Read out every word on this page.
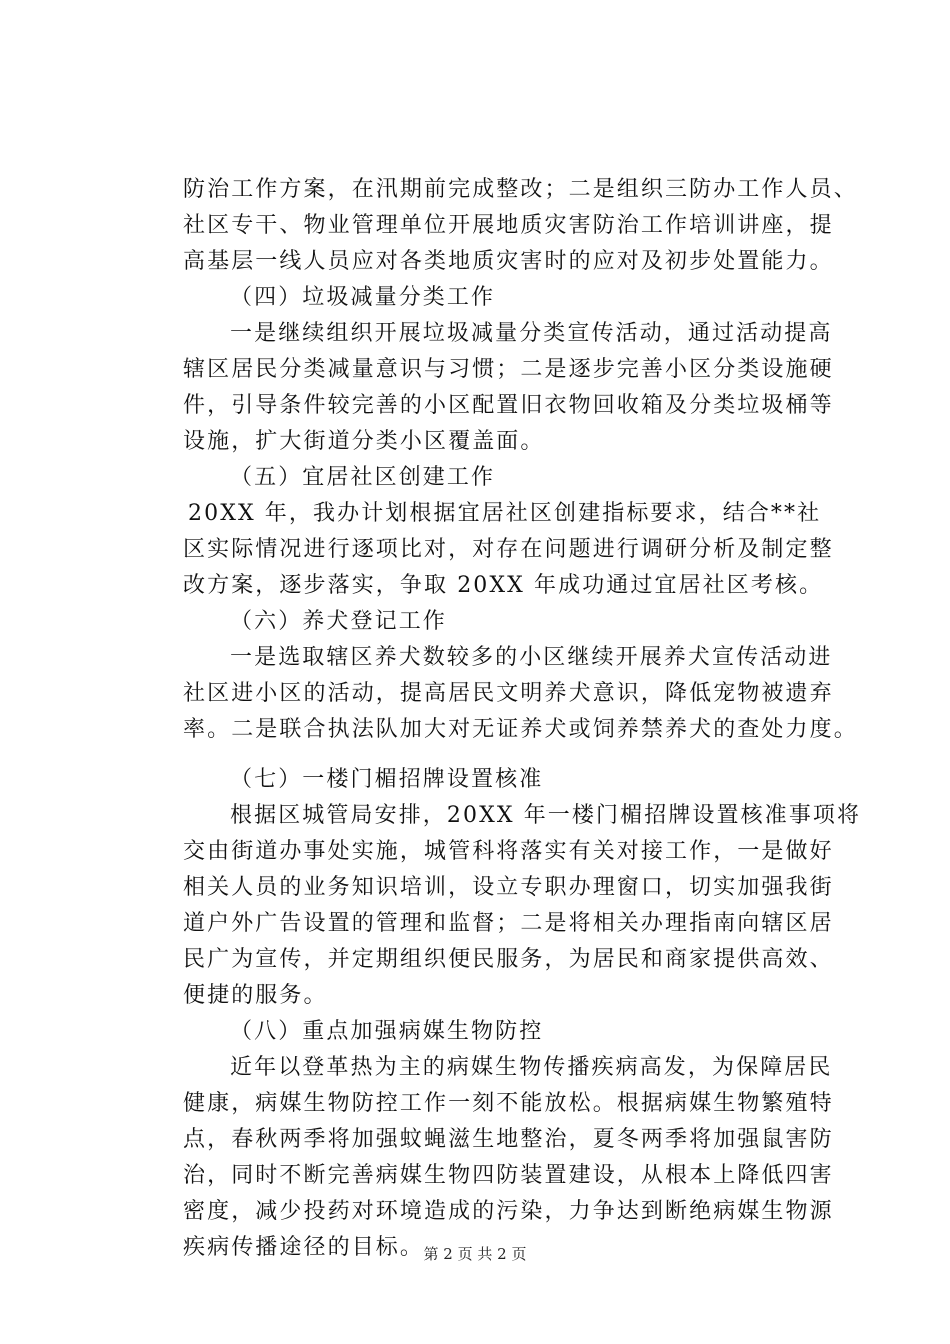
防治工作方案，在汛期前完成整改；二是组织三防办工作人员、
社区专干、物业管理单位开展地质灾害防治工作培训讲座，提
高基层一线人员应对各类地质灾害时的应对及初步处置能力。
（四）垃圾减量分类工作
一是继续组织开展垃圾减量分类宣传活动，通过活动提高
辖区居民分类减量意识与习惯；二是逐步完善小区分类设施硬
件，引导条件较完善的小区配置旧衣物回收箱及分类垃圾桶等
设施，扩大街道分类小区覆盖面。
（五）宜居社区创建工作
20XX 年，我办计划根据宜居社区创建指标要求，结合**社
区实际情况进行逐项比对，对存在问题进行调研分析及制定整
改方案，逐步落实，争取 20XX 年成功通过宜居社区考核。
（六）养犬登记工作
一是选取辖区养犬数较多的小区继续开展养犬宣传活动进
社区进小区的活动，提高居民文明养犬意识，降低宠物被遗弃
率。二是联合执法队加大对无证养犬或饲养禁养犬的查处力度。
（七）一楼门楣招牌设置核准
根据区城管局安排，20XX 年一楼门楣招牌设置核准事项将
交由街道办事处实施，城管科将落实有关对接工作，一是做好
相关人员的业务知识培训，设立专职办理窗口，切实加强我街
道户外广告设置的管理和监督；二是将相关办理指南向辖区居
民广为宣传，并定期组织便民服务，为居民和商家提供高效、
便捷的服务。
（八）重点加强病媒生物防控
近年以登革热为主的病媒生物传播疾病高发，为保障居民
健康，病媒生物防控工作一刻不能放松。根据病媒生物繁殖特
点，春秋两季将加强蚊蝇滋生地整治，夏冬两季将加强鼠害防
治，同时不断完善病媒生物四防装置建设，从根本上降低四害
密度，减少投药对环境造成的污染，力争达到断绝病媒生物源
疾病传播途径的目标。 第 2 页 共 2 页
